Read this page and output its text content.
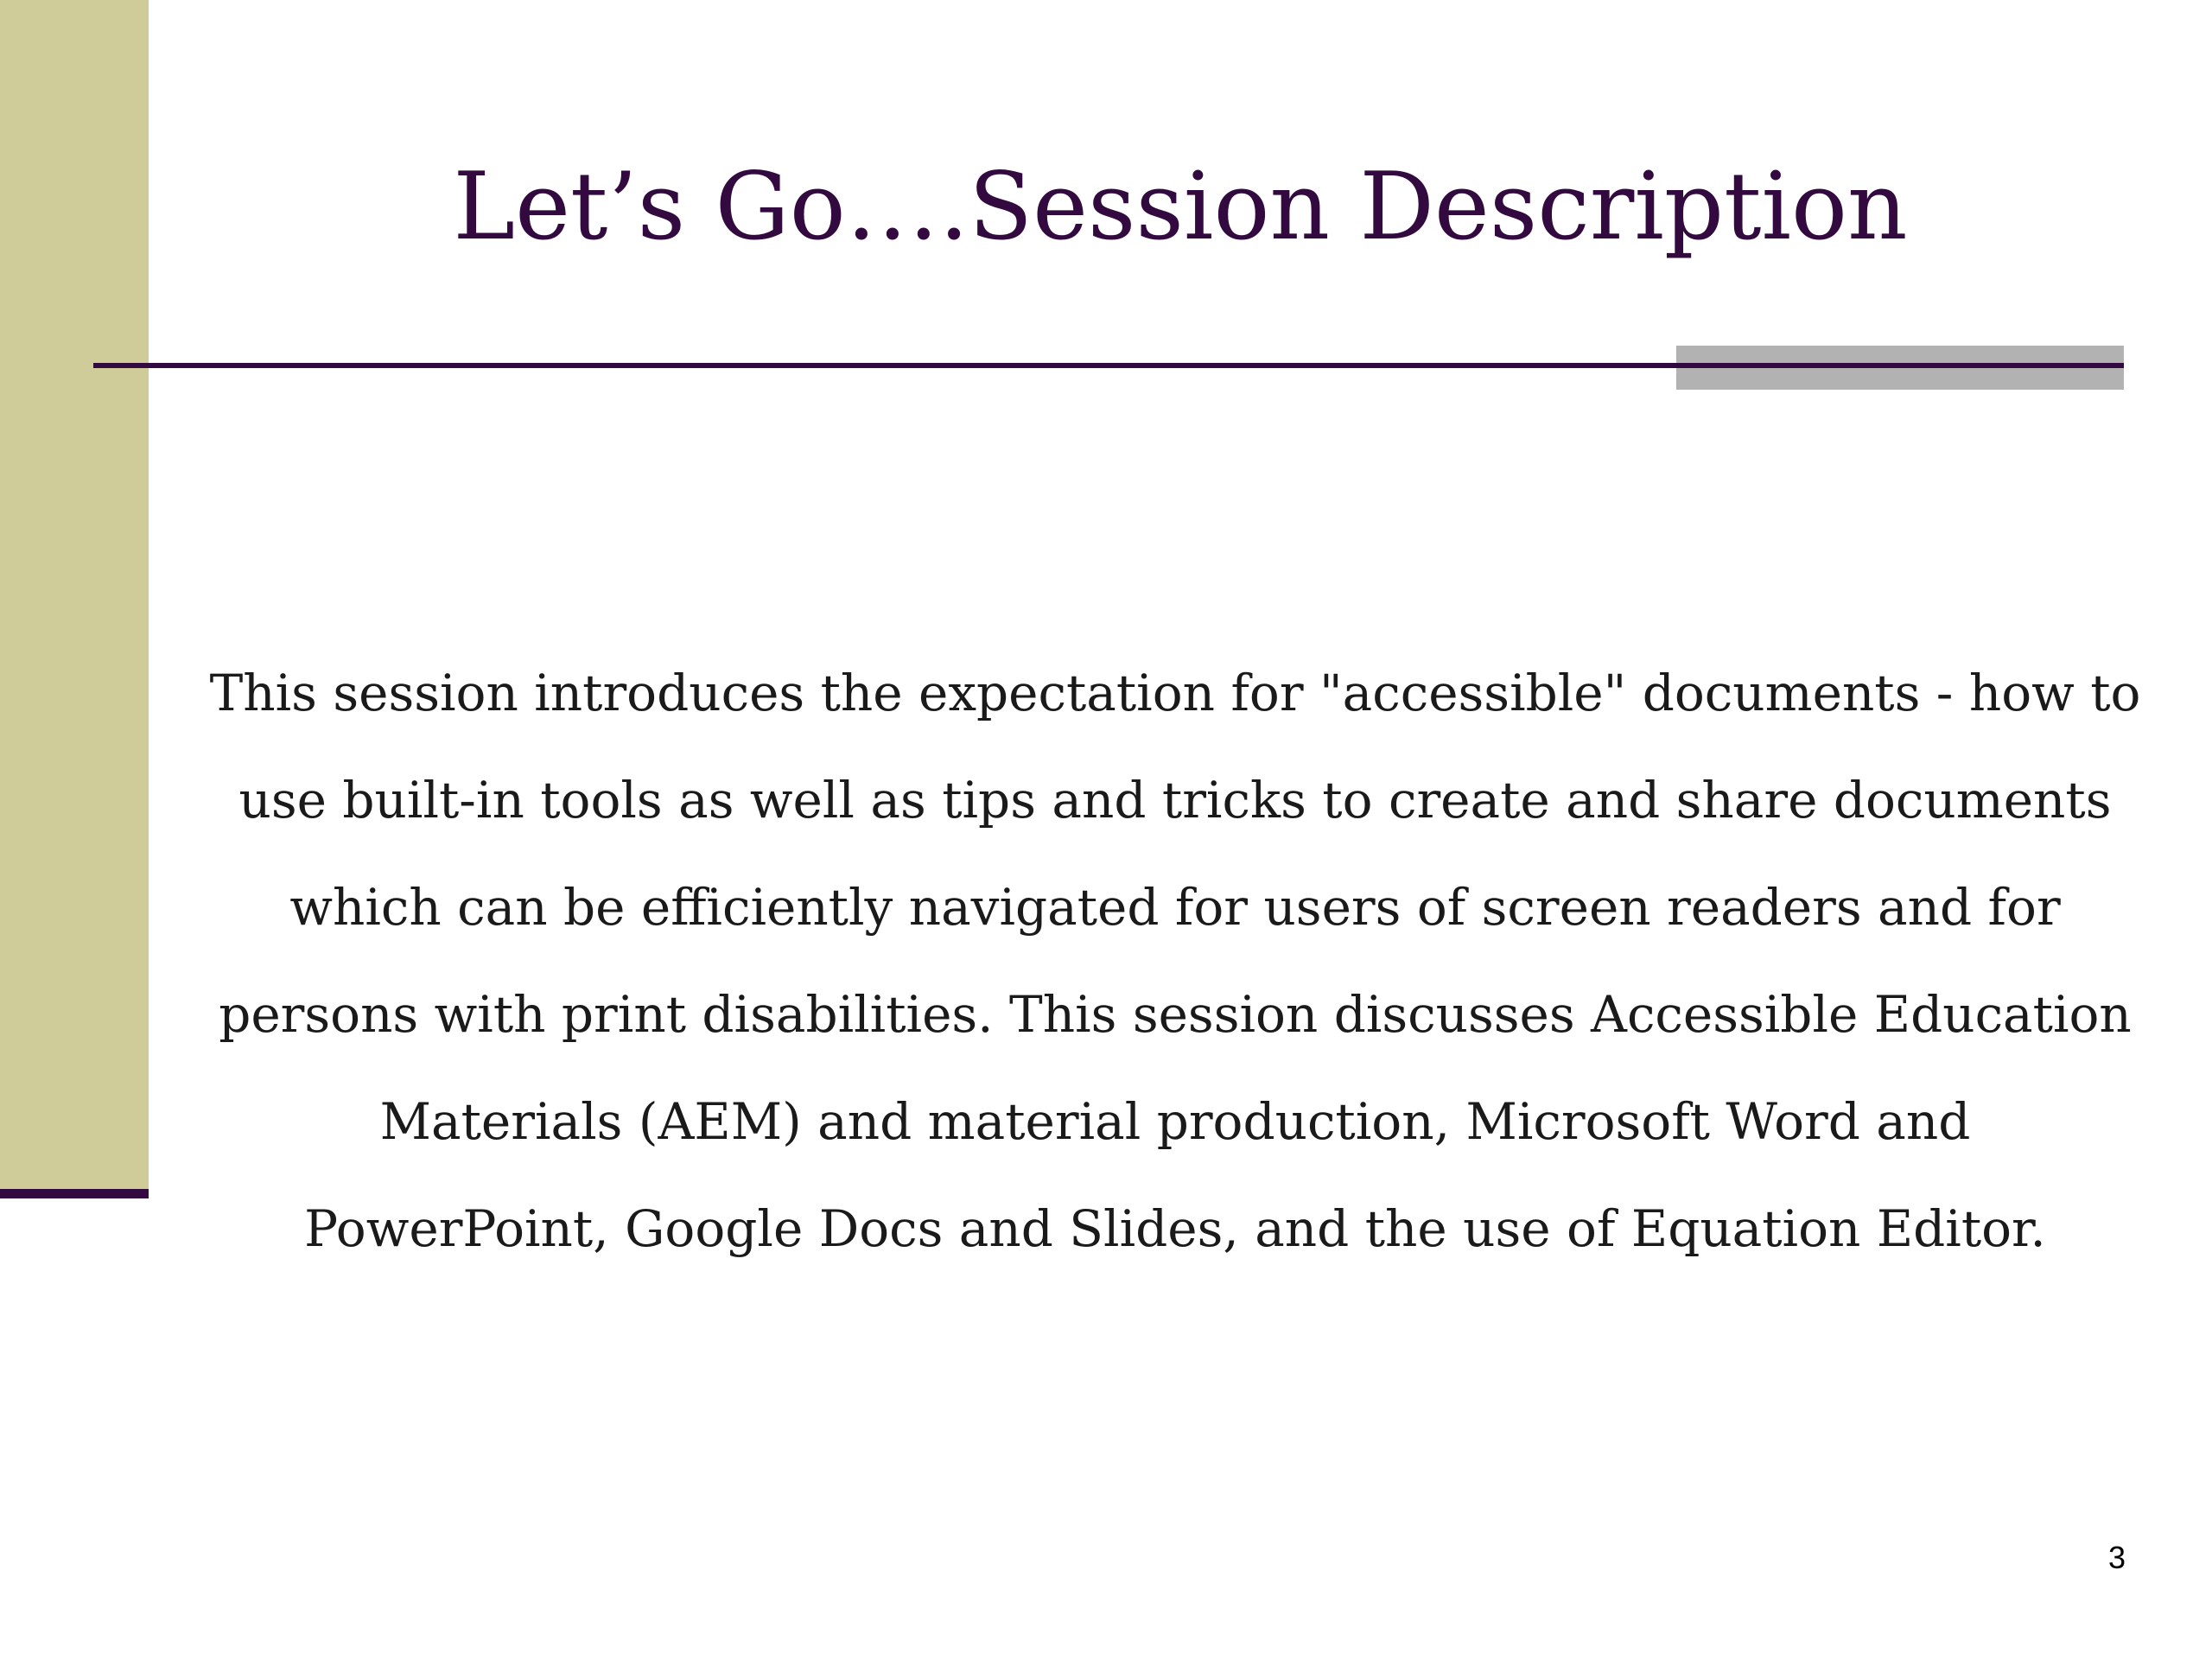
Let’s Go….Session Description
This session introduces the expectation for "accessible" documents - how to
use built-in tools as well as tips and tricks to create and share documents
which can be efficiently navigated for users of screen readers and for
persons with print disabilities. This session discusses Accessible Education
Materials (AEM) and material production, Microsoft Word and
PowerPoint, Google Docs and Slides, and the use of Equation Editor.
3
